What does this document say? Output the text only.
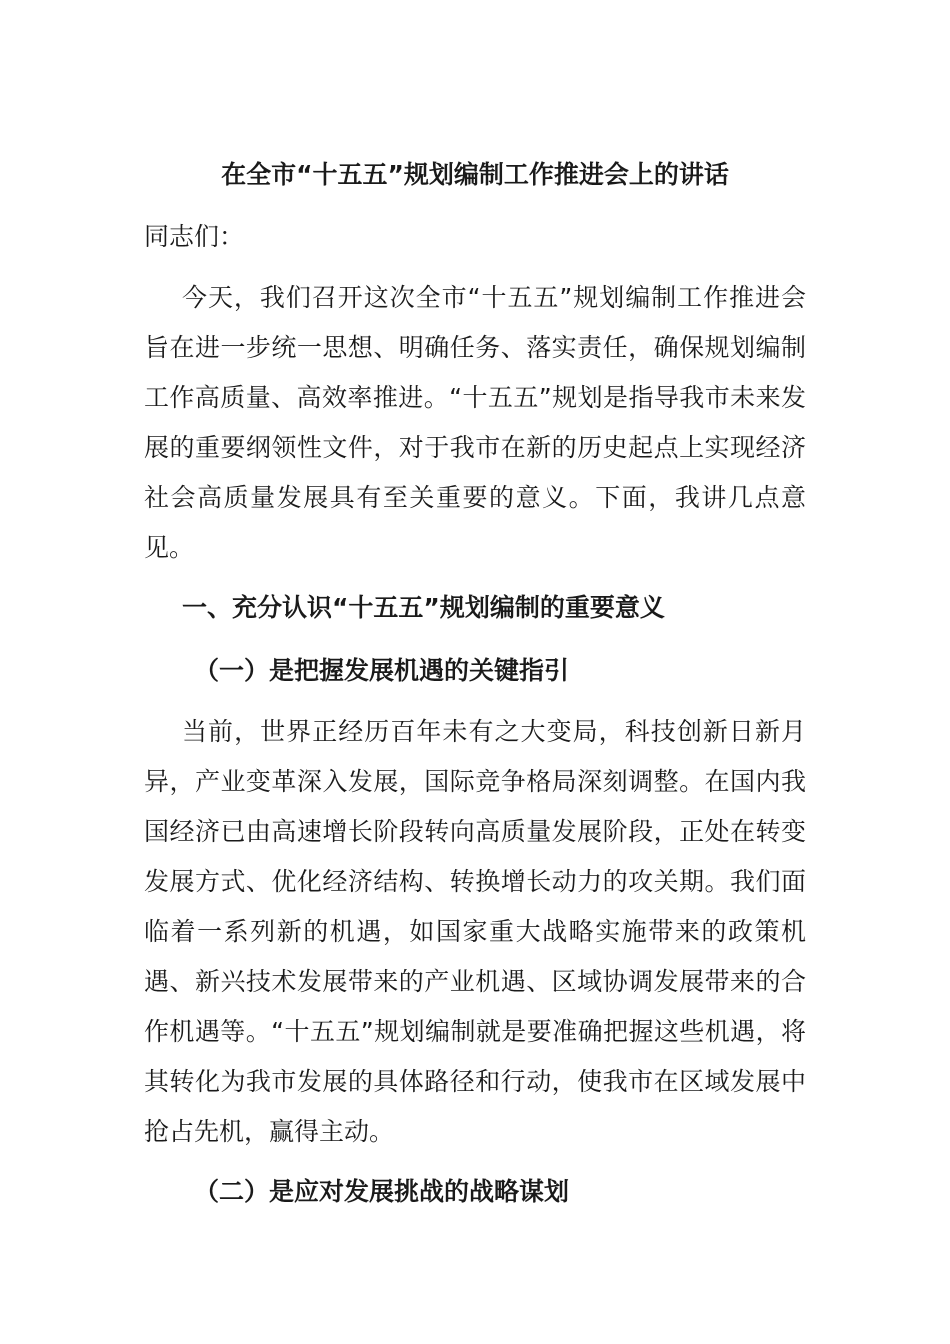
在全市“十五五”规划编制工作推进会上的讲话
同志们：

今天，我们召开这次全市“十五五”规划编制工作推进会旨在进一步统一思想、明确任务、落实责任，确保规划编制工作高质量、高效率推进。“十五五”规划是指导我市未来发展的重要纲领性文件，对于我市在新的历史起点上实现经济社会高质量发展具有至关重要的意义。下面，我讲几点意见。

一、充分认识“十五五”规划编制的重要意义
（一）是把握发展机遇的关键指引

当前，世界正经历百年未有之大变局，科技创新日新月异，产业变革深入发展，国际竞争格局深刻调整。在国内我国经济已由高速增长阶段转向高质量发展阶段，正处在转变发展方式、优化经济结构、转换增长动力的攻关期。我们面临着一系列新的机遇，如国家重大战略实施带来的政策机遇、新兴技术发展带来的产业机遇、区域协调发展带来的合作机遇等。“十五五”规划编制就是要准确把握这些机遇，将其转化为我市发展的具体路径和行动，使我市在区域发展中抢占先机，赢得主动。

（二）是应对发展挑战的战略谋划
